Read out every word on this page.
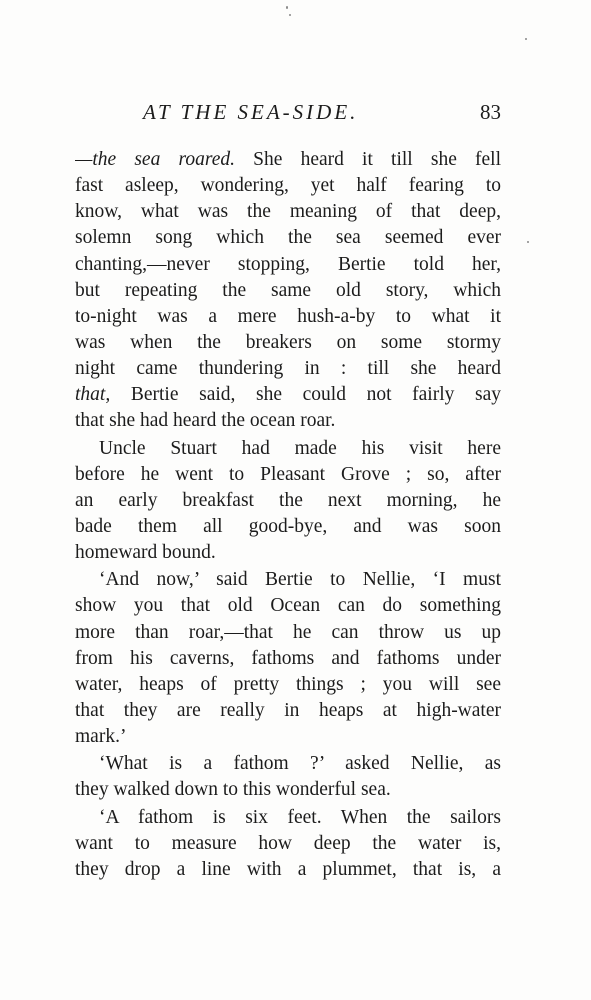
AT THE SEA-SIDE.	83
—the sea roared. She heard it till she fell
fast asleep, wondering, yet half fearing to
know, what was the meaning of that deep,
solemn song which the sea seemed ever
chanting,—never stopping, Bertie told her,
but repeating the same old story, which
to-night was a mere hush-a-by to what it
was when the breakers on some stormy
night came thundering in : till she heard
that, Bertie said, she could not fairly say
that she had heard the ocean roar.
Uncle Stuart had made his visit here
before he went to Pleasant Grove ; so, after
an early breakfast the next morning, he
bade them all good-bye, and was soon
homeward bound.
‘And now,’ said Bertie to Nellie, ‘I must
show you that old Ocean can do something
more than roar,—that he can throw us up
from his caverns, fathoms and fathoms under
water, heaps of pretty things ; you will see
that they are really in heaps at high-water
mark.’
‘What is a fathom ?’ asked Nellie, as
they walked down to this wonderful sea.
‘A fathom is six feet. When the sailors
want to measure how deep the water is,
they drop a line with a plummet, that is, a
